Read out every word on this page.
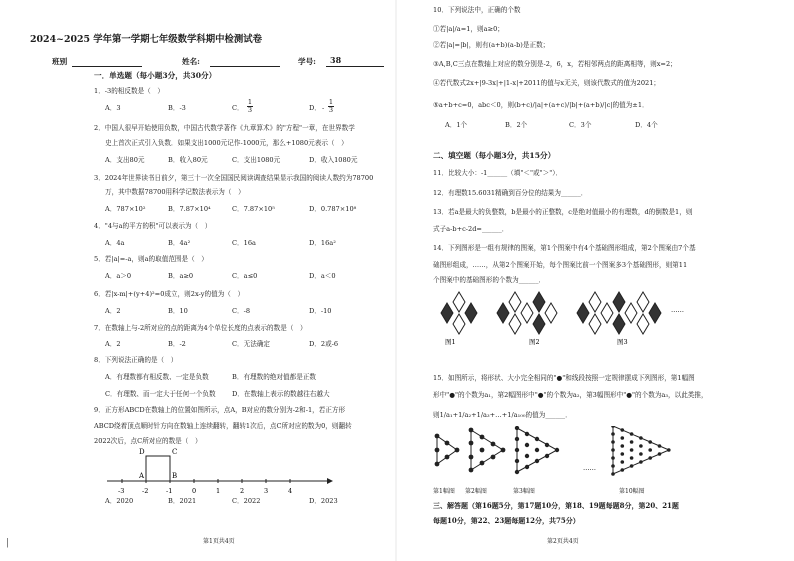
|
2024~2025 学年第一学期七年级数学科期中检测试卷
班别	姓名:	学号: 38
一．单选题（每小题3分，共30分）
1．-3的相反数是（　）
A．3	B．-3	C．
1
3	D． -
1
3
2．中国人很早开始使用负数，中国古代数学著作《九章算术》的"方程"一章，在世界数学
史上首次正式引入负数．如果支出1000元记作-1000元，那么+1080元表示（　）
A．支出80元	B．收入80元	C．支出1080元	D．收入1080元
3．2024年世界读书日前夕，第三十一次全国国民阅读调查结果显示我国的阅读人数约为78700
万，其中数据78700用科学记数法表示为（　）
A．787×10²	B．7.87×10⁴	C．7.87×10⁵	D．0.787×10⁸
4．"4与a的平方的积"可以表示为（　）
A．4a	B．4a²	C．16a	D．16a²
5．若|a|=-a，则a的取值范围是（　）
A．a＞0	B．a≥0	C．a≤0	D．a＜0
6．若|x-m|+(y+4)²=0成立，则2x-y的值为（　）
A．2	B．10	C．-8	D．-10
7．在数轴上与-2所对应的点的距离为4个单位长度的点表示的数是（　）
A．2	B．-2	C．无法确定	D．2或-6
8．下列说法正确的是（　）
A．有理数都有相反数、一定是负数	B．有理数的绝对值都是正数
C．有理数、而一定大于任何一个负数 D．在数轴上表示的数越往右越大
9．正方形ABCD在数轴上的位置如图所示，点A，B对应的数分别为-2和-1，若正方形
ABCD绕着顶点顺时针方向在数轴上连续翻转，翻转1次后，点C所对应的数为0，则翻转
2022次后，点C所对应的数是（　）
-3	-2	-1	0	1	2	3	4
D	C
A	B
A．2020	B．2021	C．2022	D．2023
第1页共4页
10．下列说法中，正确的个数
①若|a|/a=1，则a≥0；
②若|a|=|b|，则有(a+b)(a-b)是正数；
③A,B,C三点在数轴上对应的数分别是-2，6，x，若相邻两点的距离相等，则x=2；
④若代数式2x+|9-3x|+|1-x|+2011的值与x无关，则该代数式的值为2021；
⑤a+b+c=0，abc＜0，则(b+c)/|a|+(a+c)/|b|+(a+b)/|c|的值为±1．
A．1个	B．2个	C．3个	D．4个
二、填空题（每小题3分，共15分）
11．比较大小：-1______（填"＜"或"＞"）．
12．有理数15.6031精确到百分位的结果为______．
13．若a是最大的负整数，b是最小的正整数，c是绝对值最小的有理数，d的倒数是1，则
式子a-b+c-2d=______．
14．下列图形是一组有规律的图案，第1个图案中有4个基础图形组成，第2个图案由7个基
础图形组成，……，从第2个图案开始，每个图案比前一个图案多3个基础图形，则第11
个图案中的基础图形的个数为______．
图1	图2	图3
……
15．如图所示，将形状、大小完全相同的"●"和线段按照一定规律摆成下列图形，第1幅图
形中"●"的个数为a₁，第2幅图形中"●"的个数为a₂，第3幅图形中"●"的个数为a₃，以此类推，
则1/a₁+1/a₂+1/a₃+…+1/a₁₀₀的值为______．
……
第1幅图 第2幅图	第3幅图	第10幅图
三、解答题（第16题5分，第17题10分，第18、19题每题8分，第20、21题
每题10分，第22、23题每题12分，共75分）
第2页共4页
